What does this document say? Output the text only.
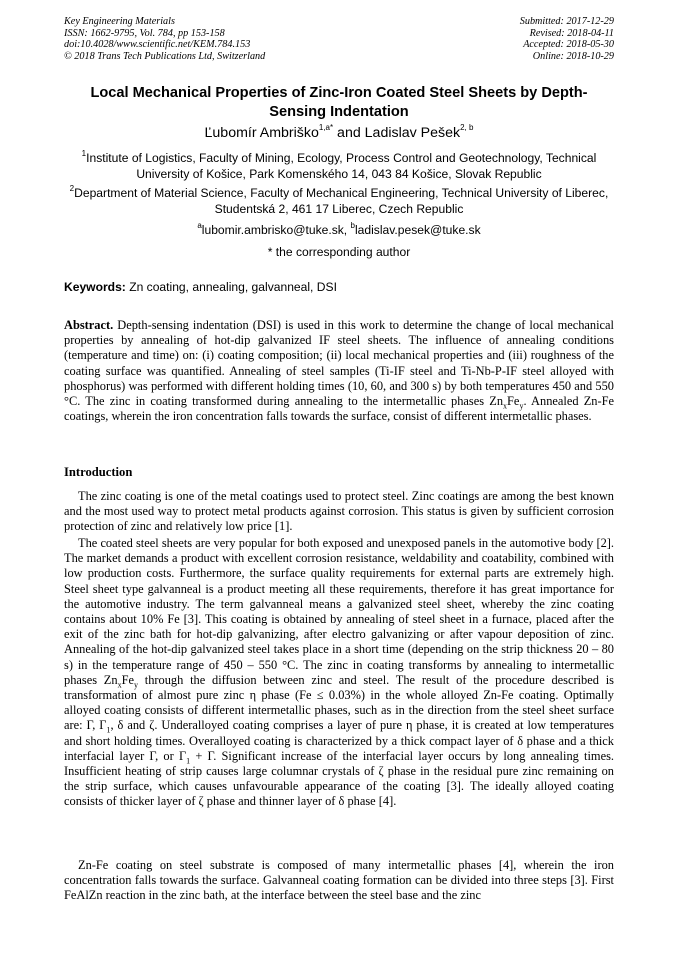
Key Engineering Materials
ISSN: 1662-9795, Vol. 784, pp 153-158
doi:10.4028/www.scientific.net/KEM.784.153
© 2018 Trans Tech Publications Ltd, Switzerland
Submitted: 2017-12-29
Revised: 2018-04-11
Accepted: 2018-05-30
Online: 2018-10-29
Local Mechanical Properties of Zinc-Iron Coated Steel Sheets by Depth-Sensing Indentation
Ľubomír Ambriško$^{1,a*}$ and Ladislav Pešek$^{2, b}$
$^1$Institute of Logistics, Faculty of Mining, Ecology, Process Control and Geotechnology, Technical University of Košice, Park Komenského 14, 043 84 Košice, Slovak Republic
$^2$Department of Material Science, Faculty of Mechanical Engineering, Technical University of Liberec, Studentská 2, 461 17 Liberec, Czech Republic
$^a$lubomir.ambrisko@tuke.sk, $^b$ladislav.pesek@tuke.sk
* the corresponding author
Keywords: Zn coating, annealing, galvanneal, DSI
Abstract. Depth-sensing indentation (DSI) is used in this work to determine the change of local mechanical properties by annealing of hot-dip galvanized IF steel sheets. The influence of annealing conditions (temperature and time) on: (i) coating composition; (ii) local mechanical properties and (iii) roughness of the coating surface was quantified. Annealing of steel samples (Ti-IF steel and Ti-Nb-P-IF steel alloyed with phosphorus) was performed with different holding times (10, 60, and 300 s) by both temperatures 450 and 550 °C. The zinc in coating transformed during annealing to the intermetallic phases $Zn_xFe_y$. Annealed Zn-Fe coatings, wherein the iron concentration falls towards the surface, consist of different intermetallic phases.
Introduction
The zinc coating is one of the metal coatings used to protect steel. Zinc coatings are among the best known and the most used way to protect metal products against corrosion. This status is given by sufficient corrosion protection of zinc and relatively low price [1].
The coated steel sheets are very popular for both exposed and unexposed panels in the automotive body [2]. The market demands a product with excellent corrosion resistance, weldability and coatability, combined with low production costs. Furthermore, the surface quality requirements for external parts are extremely high. Steel sheet type galvanneal is a product meeting all these requirements, therefore it has great importance for the automotive industry. The term galvanneal means a galvanized steel sheet, whereby the zinc coating contains about 10% Fe [3]. This coating is obtained by annealing of steel sheet in a furnace, placed after the exit of the zinc bath for hot-dip galvanizing, after electro galvanizing or after vapour deposition of zinc. Annealing of the hot-dip galvanized steel takes place in a short time (depending on the strip thickness 20 – 80 s) in the temperature range of 450 – 550 °C. The zinc in coating transforms by annealing to intermetallic phases $Zn_xFe_y$ through the diffusion between zinc and steel. The result of the procedure described is transformation of almost pure zinc η phase (Fe ≤ 0.03%) in the whole alloyed Zn-Fe coating. Optimally alloyed coating consists of different intermetallic phases, such as in the direction from the steel sheet surface are: Γ, $\Gamma_1$, δ and ζ. Underalloyed coating comprises a layer of pure η phase, it is created at low temperatures and short holding times. Overalloyed coating is characterized by a thick compact layer of δ phase and a thick interfacial layer Γ, or $\Gamma_1 + \Gamma$. Significant increase of the interfacial layer occurs by long annealing times. Insufficient heating of strip causes large columnar crystals of ζ phase in the residual pure zinc remaining on the strip surface, which causes unfavourable appearance of the coating [3]. The ideally alloyed coating consists of thicker layer of ζ phase and thinner layer of δ phase [4].
Zn-Fe coating on steel substrate is composed of many intermetallic phases [4], wherein the iron concentration falls towards the surface. Galvanneal coating formation can be divided into three steps [3]. First FeAlZn reaction in the zinc bath, at the interface between the steel base and the zinc
